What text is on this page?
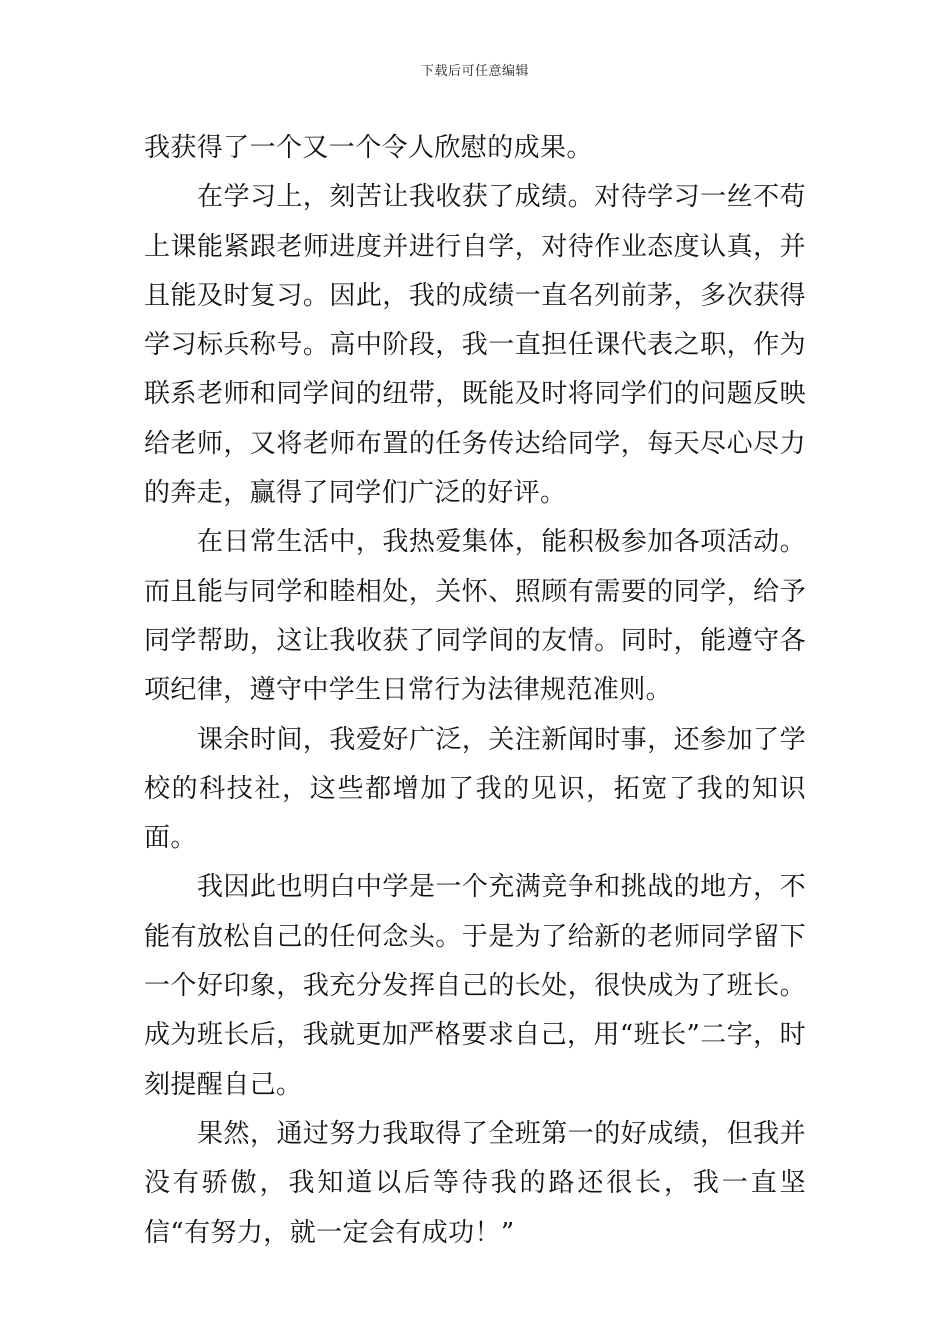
下载后可任意编辑

我获得了一个又一个令人欣慰的成果。

在学习上，刻苦让我收获了成绩。对待学习一丝不苟上课能紧跟老师进度并进行自学，对待作业态度认真，并且能及时复习。因此，我的成绩一直名列前茅，多次获得学习标兵称号。高中阶段，我一直担任课代表之职，作为联系老师和同学间的纽带，既能及时将同学们的问题反映给老师，又将老师布置的任务传达给同学，每天尽心尽力的奔走，赢得了同学们广泛的好评。

在日常生活中，我热爱集体，能积极参加各项活动。而且能与同学和睦相处，关怀、照顾有需要的同学，给予同学帮助，这让我收获了同学间的友情。同时，能遵守各项纪律，遵守中学生日常行为法律规范准则。

课余时间，我爱好广泛，关注新闻时事，还参加了学校的科技社，这些都增加了我的见识，拓宽了我的知识面。

我因此也明白中学是一个充满竞争和挑战的地方，不能有放松自己的任何念头。于是为了给新的老师同学留下一个好印象，我充分发挥自己的长处，很快成为了班长。成为班长后，我就更加严格要求自己，用“班长”二字，时刻提醒自己。

果然，通过努力我取得了全班第一的好成绩，但我并没有骄傲，我知道以后等待我的路还很长，我一直坚信“有努力，就一定会有成功！”
